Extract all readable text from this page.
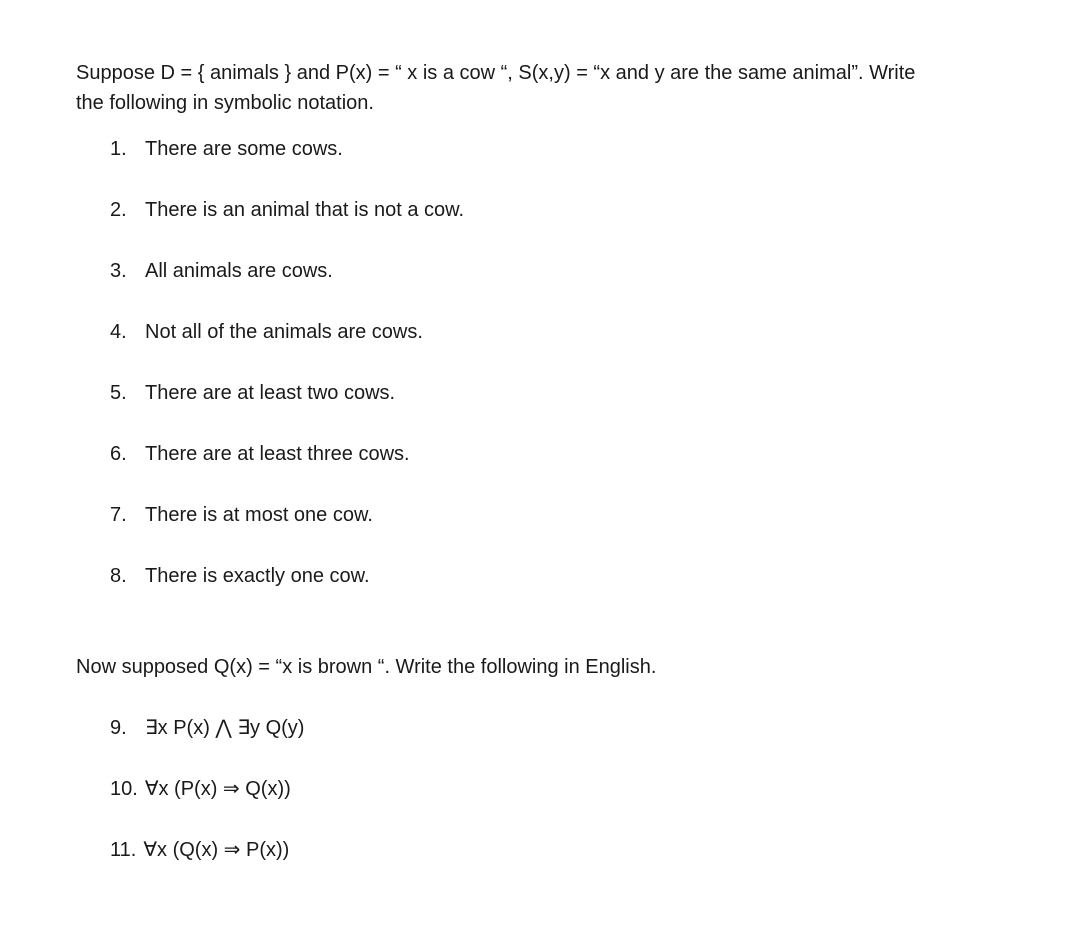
Suppose D = { animals } and P(x) = “ x is a cow “, S(x,y) = “x and y are the same animal”. Write
the following in symbolic notation.

1. There are some cows.

2. There is an animal that is not a cow.

3. All animals are cows.

4. Not all of the animals are cows.

5. There are at least two cows.

6. There are at least three cows.

7. There is at most one cow.

8. There is exactly one cow.

Now supposed Q(x) = “x is brown “. Write the following in English.

9. ∃x P(x) ⋀ ∃y Q(y)

10. ∀x (P(x) ⇒ Q(x))

11. ∀x (Q(x) ⇒ P(x))
